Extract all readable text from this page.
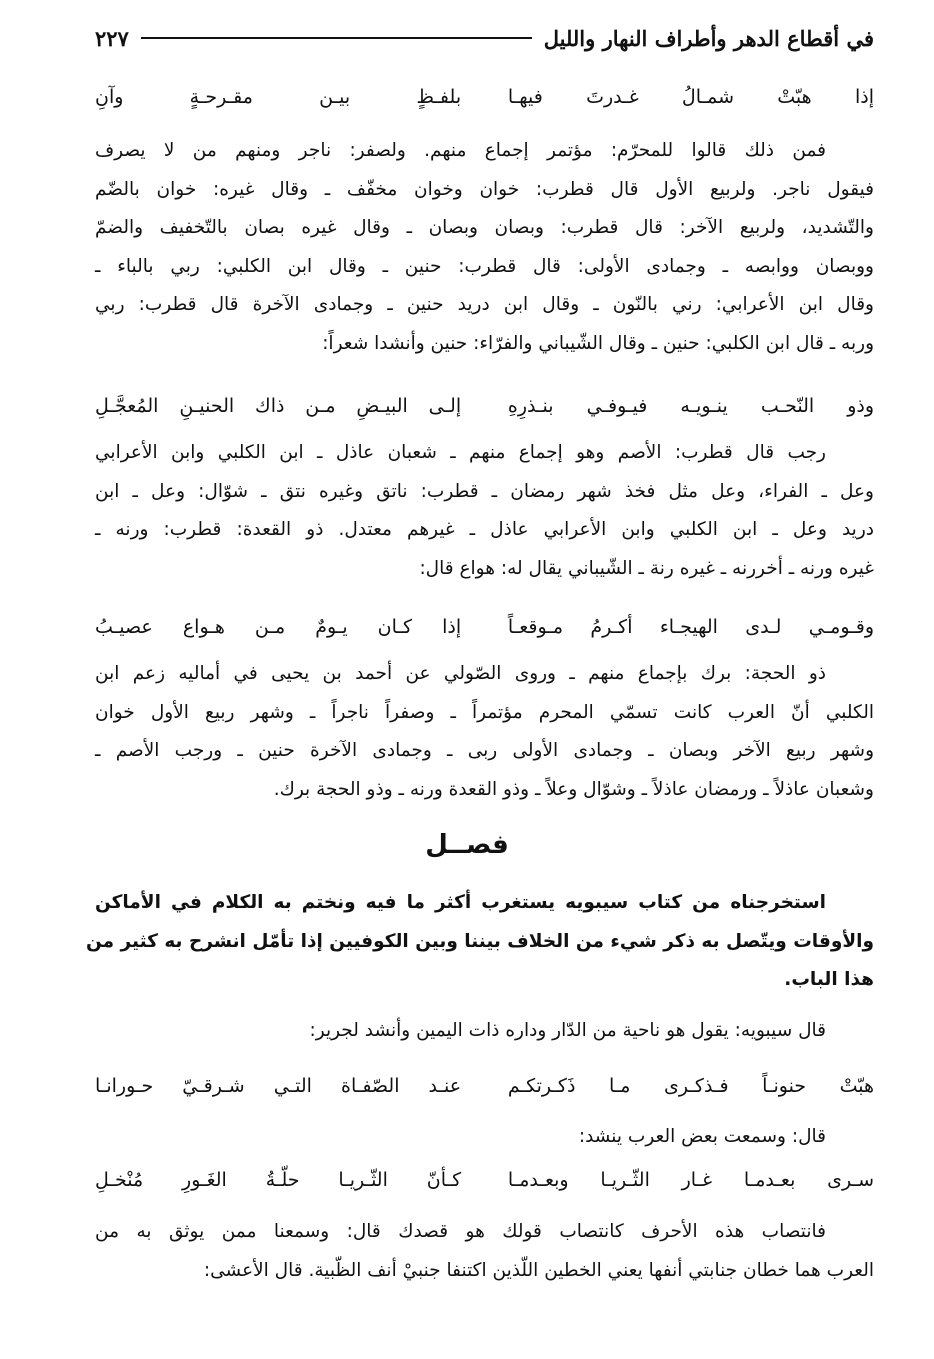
في أقطاع الدهر وأطراف النهار والليل
٢٢٧
إذا هبّتْ شمـالُ غـدرتَ فيهـا
بلفـظٍ بيـن مقـرحـةٍ وآنِ
فمن ذلك قالوا للمحرّم: مؤتمر إجماع منهم. ولصفر: ناجر ومنهم من لا يصرف
فيقول ناجر. ولربيع الأول قال قطرب: خوان وخوان مخفّف ـ وقال غيره: خوان بالضّم
والتّشديد، ولربيع الآخر: قال قطرب: وبصان وبصان ـ وقال غيره بصان بالتّخفيف والضمّ
ووبصان ووابصه ـ وجمادى الأولى: قال قطرب: حنين ـ وقال ابن الكلبي: ربي بالباء ـ
وقال ابن الأعرابي: رني بالنّون ـ وقال ابن دريد حنين ـ وجمادى الآخرة قال قطرب: ربي
وربه ـ قال ابن الكلبي: حنين ـ وقال الشّيباني والفرّاء: حنين وأنشدا شعراً:
وذو النّحـب ينـويـه فيـوفـي بنـذرِهِ
إلـى البيـضِ مـن ذاك الحنيـنِ المُعجَّـلِ
رجب قال قطرب: الأصم وهو إجماع منهم ـ شعبان عاذل ـ ابن الكلبي وابن الأعرابي
وعل ـ الفراء، وعل مثل فخذ شهر رمضان ـ قطرب: ناتق وغيره نتق ـ شوّال: وعل ـ ابن
دريد وعل ـ ابن الكلبي وابن الأعرابي عاذل ـ غيرهم معتدل. ذو القعدة: قطرب: ورنه ـ
غيره ورنه ـ أخررنه ـ غيره رنة ـ الشّيباني يقال له: هواع قال:
وقـومـي لـدى الهيجـاء أكـرمُ مـوقعـاً
إذا كـان يـومٌ مـن هـواع عصيـبُ
ذو الحجة: برك بإجماع منهم ـ وروى الصّولي عن أحمد بن يحيى في أماليه زعم ابن
الكلبي أنّ العرب كانت تسمّي المحرم مؤتمراً ـ وصفراً ناجراً ـ وشهر ربيع الأول خوان
وشهر ربيع الآخر وبصان ـ وجمادى الأولى ربى ـ وجمادى الآخرة حنين ـ ورجب الأصم ـ
وشعبان عاذلاً ـ ورمضان عاذلاً ـ وشوّال وعلاً ـ وذو القعدة ورنه ـ وذو الحجة برك.
فصــل
استخرجناه من كتاب سيبويه يستغرب أكثر ما فيه ونختم به الكلام في الأماكن
والأوقات ويتّصل به ذكر شيء من الخلاف بيننا وبين الكوفيين إذا تأمّل انشرح به كثير من
هذا الباب.
قال سيبويه: يقول هو ناحية من الدّار وداره ذات اليمين وأنشد لجرير:
هبّتْ حنونـاً فـذكـرى مـا ذَكـرتكـم
عنـد الصّفـاة التـي شـرقـيّ حـورانـا
قال: وسمعت بعض العرب ينشد:
سـرى بعـدمـا غـار الثّـريـا وبعـدمـا
كـأنّ الثّـريـا حلّـةُ الغَـورِ مُنْخـلِ
فانتصاب هذه الأحرف كانتصاب قولك هو قصدك قال: وسمعنا ممن يوثق به من
العرب هما خطان جنابتي أنفها يعني الخطين اللّذين اكتنفا جنبيْ أنف الظّبية. قال الأعشى:
